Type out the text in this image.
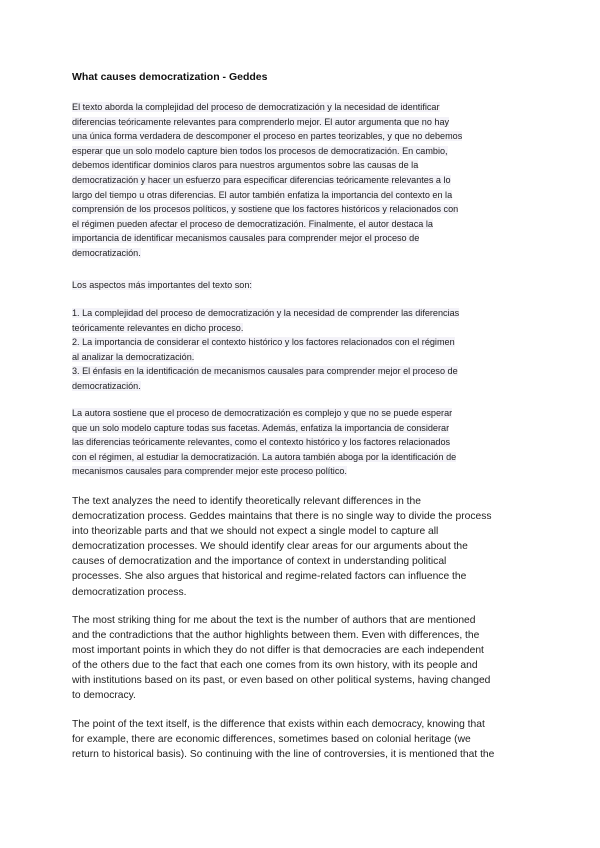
What causes democratization - Geddes
El texto aborda la complejidad del proceso de democratización y la necesidad de identificar
diferencias teóricamente relevantes para comprenderlo mejor. El autor argumenta que no hay
una única forma verdadera de descomponer el proceso en partes teorizables, y que no debemos
esperar que un solo modelo capture bien todos los procesos de democratización. En cambio,
debemos identificar dominios claros para nuestros argumentos sobre las causas de la
democratización y hacer un esfuerzo para especificar diferencias teóricamente relevantes a lo
largo del tiempo u otras diferencias. El autor también enfatiza la importancia del contexto en la
comprensión de los procesos políticos, y sostiene que los factores históricos y relacionados con
el régimen pueden afectar el proceso de democratización. Finalmente, el autor destaca la
importancia de identificar mecanismos causales para comprender mejor el proceso de
democratización.
Los aspectos más importantes del texto son:
1. La complejidad del proceso de democratización y la necesidad de comprender las diferencias
teóricamente relevantes en dicho proceso.
2. La importancia de considerar el contexto histórico y los factores relacionados con el régimen
al analizar la democratización.
3. El énfasis en la identificación de mecanismos causales para comprender mejor el proceso de
democratización.
La autora sostiene que el proceso de democratización es complejo y que no se puede esperar
que un solo modelo capture todas sus facetas. Además, enfatiza la importancia de considerar
las diferencias teóricamente relevantes, como el contexto histórico y los factores relacionados
con el régimen, al estudiar la democratización. La autora también aboga por la identificación de
mecanismos causales para comprender mejor este proceso político.
The text analyzes the need to identify theoretically relevant differences in the
democratization process. Geddes maintains that there is no single way to divide the process
into theorizable parts and that we should not expect a single model to capture all
democratization processes. We should identify clear areas for our arguments about the
causes of democratization and the importance of context in understanding political
processes. She also argues that historical and regime-related factors can influence the
democratization process.
The most striking thing for me about the text is the number of authors that are mentioned
and the contradictions that the author highlights between them. Even with differences, the
most important points in which they do not differ is that democracies are each independent
of the others due to the fact that each one comes from its own history, with its people and
with institutions based on its past, or even based on other political systems, having changed
to democracy.
The point of the text itself, is the difference that exists within each democracy, knowing that
for example, there are economic differences, sometimes based on colonial heritage (we
return to historical basis). So continuing with the line of controversies, it is mentioned that the
